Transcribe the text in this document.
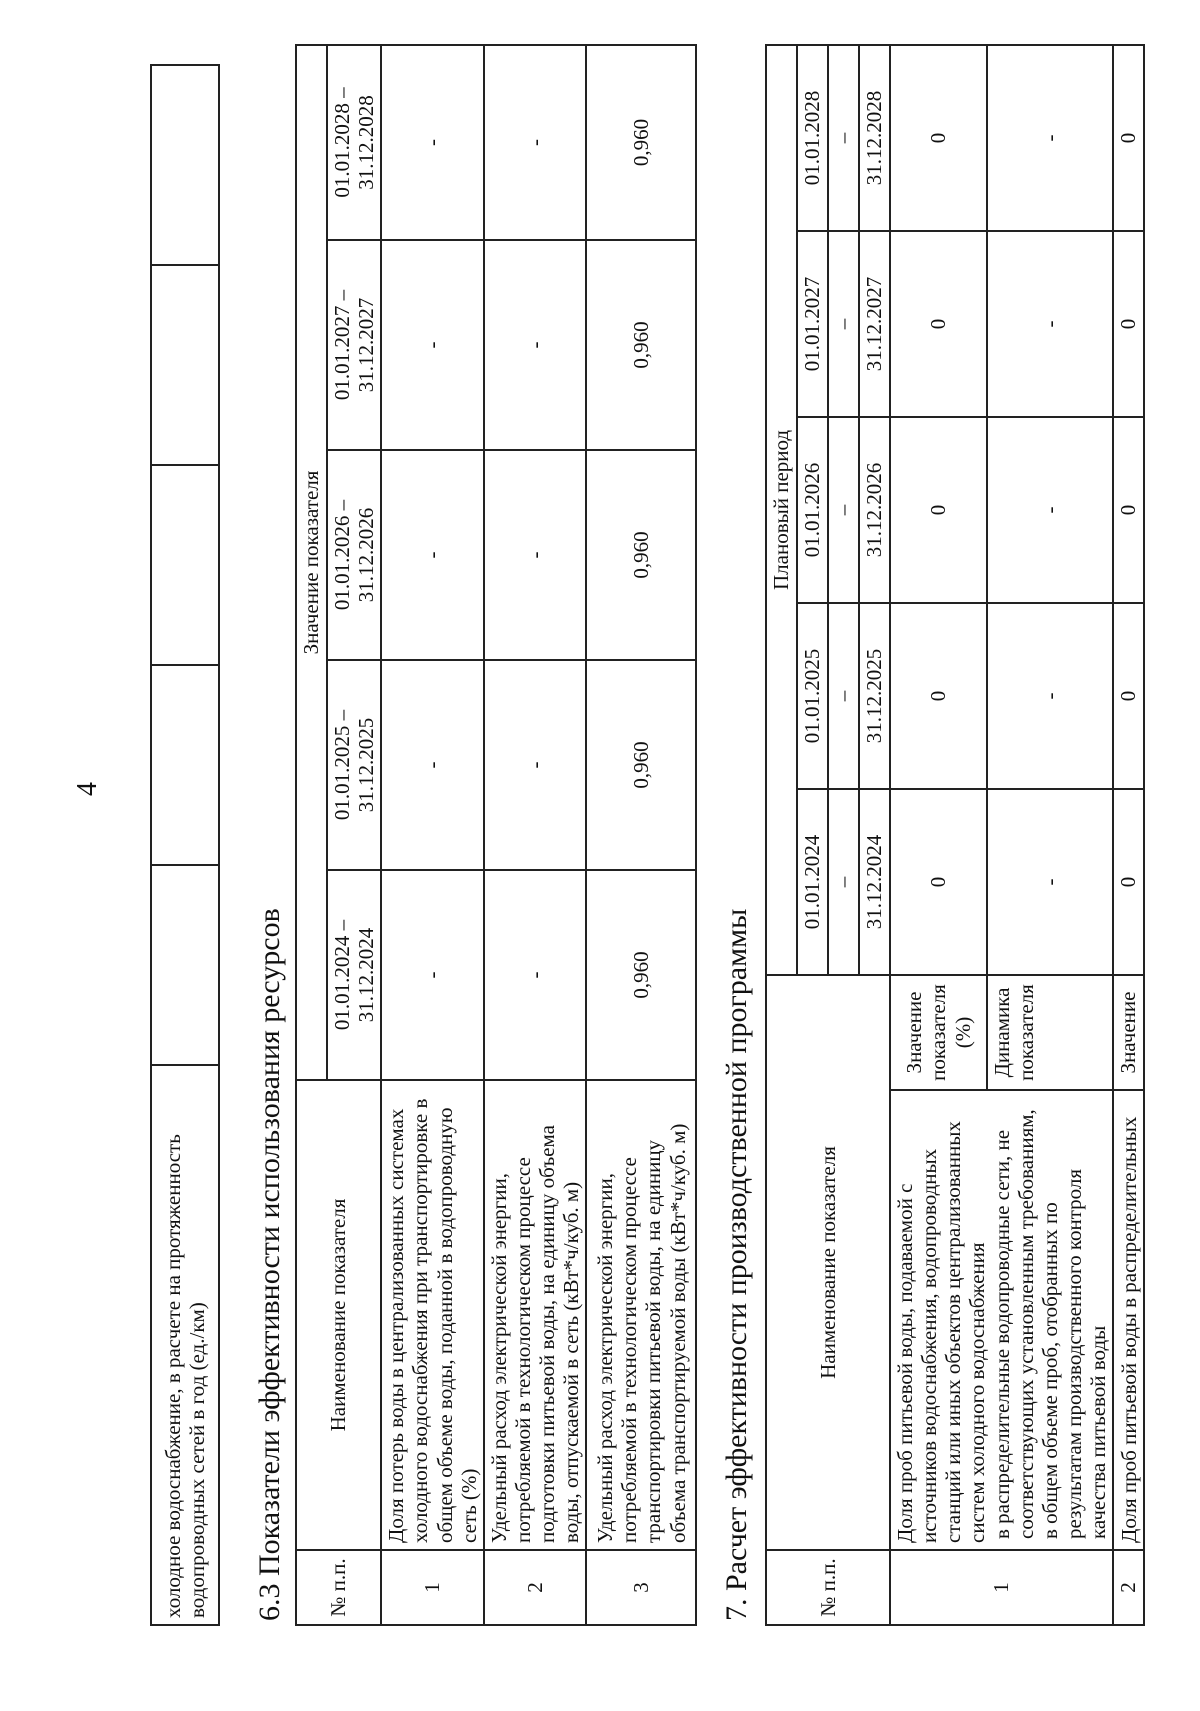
4
холодное водоснабжение, в расчете на протяженность водопроводных сетей в год (ед./км)
					6.3 Показатели эффективности использования ресурсов № п.п.	Наименование показателя	Значение показателя				
		01.01.2024 – 31.12.2024	01.01.2025 – 31.12.2025	01.01.2026 – 31.12.2026	01.01.2027 – 31.12.2027	01.01.2028 – 31.12.2028
1	Доля потерь воды в централизованных системах холодного водоснабжения при транспортировке в общем объеме воды, поданной в водопроводную сеть (%)	-	-	-	-	-
2	Удельный расход электрической энергии, потребляемой в технологическом процессе подготовки питьевой воды, на единицу объема воды, отпускаемой в сеть (кВт*ч/куб. м)	-	-	-	-	-
3	Удельный расход электрической энергии, потребляемой в технологическом процессе транспортировки питьевой воды, на единицу объема транспортируемой воды (кВт*ч/куб. м)	0,960	0,960	0,960	0,960	0,960
7. Расчет эффективности производственной программы	№ п.п.	Наименование показателя		Плановый период				
			01.01.2024	01.01.2025	01.01.2026	01.01.2027	01.01.2028
			–	–	–	–	–
			31.12.2024	31.12.2025	31.12.2026	31.12.2027	31.12.2028
1	Доля проб питьевой воды, подаваемой с источников водоснабжения, водопроводных станций или иных объектов централизованных систем холодного водоснабжения в распределительные водопроводные сети, не соответствующих установленным требованиям, в общем объеме проб, отобранных по результатам производственного контроля качества питьевой воды	Значение показателя (%)	0	0	0	0	0
		Динамика показателя	-	-	-	-	-
2	Доля проб питьевой воды в распределительных	Значение	0	0	0	0	0
